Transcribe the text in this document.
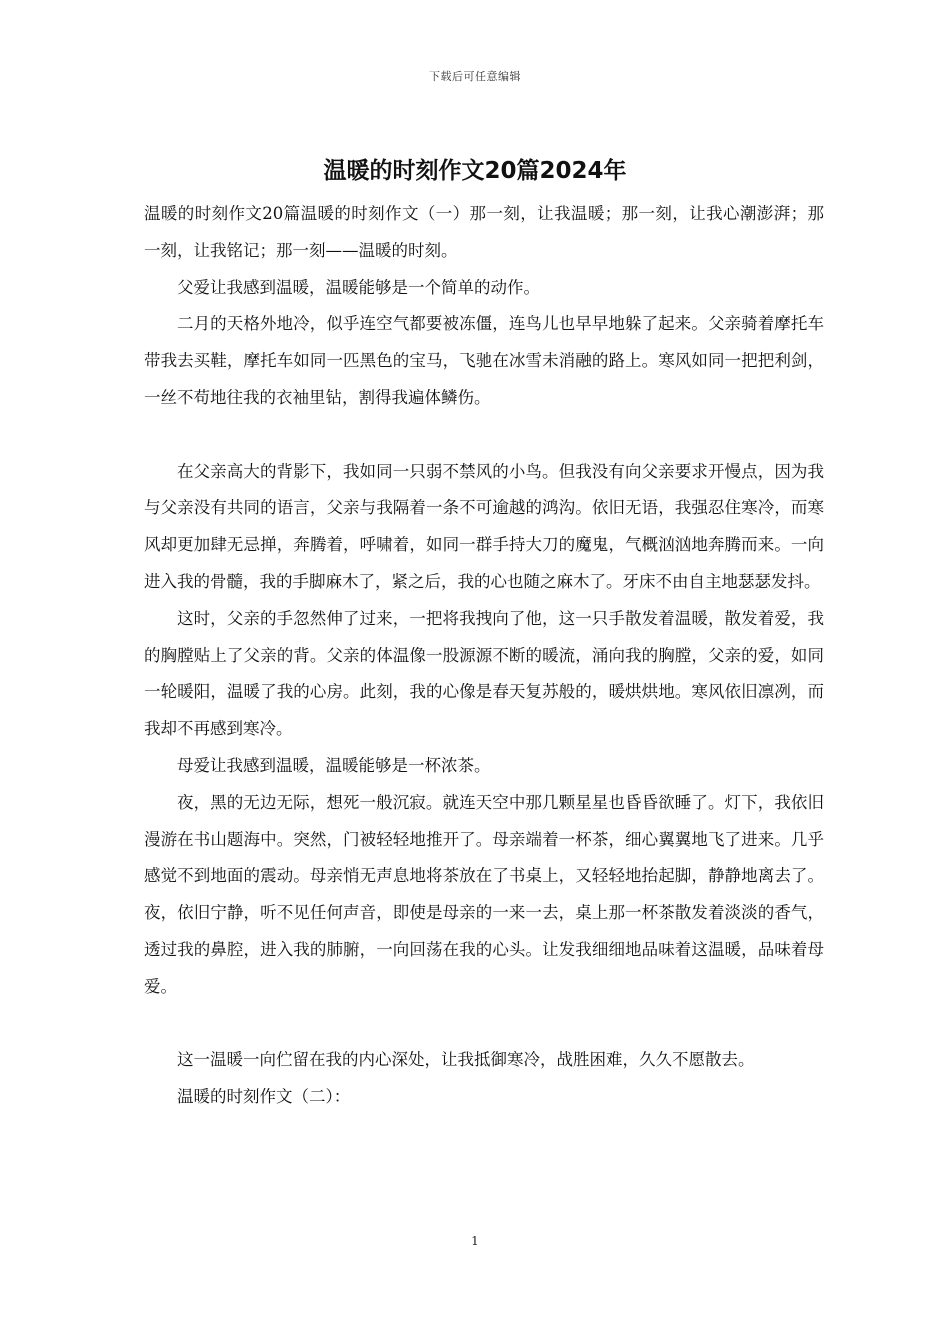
下载后可任意编辑
温暖的时刻作文20篇2024年

温暖的时刻作文20篇温暖的时刻作文（一）那一刻，让我温暖；那一刻，让我心潮澎湃；那一刻，让我铭记；那一刻——温暖的时刻。

父爱让我感到温暖，温暖能够是一个简单的动作。

二月的天格外地冷，似乎连空气都要被冻僵，连鸟儿也早早地躲了起来。父亲骑着摩托车带我去买鞋，摩托车如同一匹黑色的宝马，飞驰在冰雪未消融的路上。寒风如同一把把利剑，一丝不苟地往我的衣袖里钻，割得我遍体鳞伤。

在父亲高大的背影下，我如同一只弱不禁风的小鸟。但我没有向父亲要求开慢点，因为我与父亲没有共同的语言，父亲与我隔着一条不可逾越的鸿沟。依旧无语，我强忍住寒冷，而寒风却更加肆无忌掸，奔腾着，呼啸着，如同一群手持大刀的魔鬼，气概汹汹地奔腾而来。一向进入我的骨髓，我的手脚麻木了，紧之后，我的心也随之麻木了。牙床不由自主地瑟瑟发抖。

这时，父亲的手忽然伸了过来，一把将我拽向了他，这一只手散发着温暖，散发着爱，我的胸膛贴上了父亲的背。父亲的体温像一股源源不断的暖流，涌向我的胸膛，父亲的爱，如同一轮暖阳，温暖了我的心房。此刻，我的心像是春天复苏般的，暖烘烘地。寒风依旧凛冽，而我却不再感到寒冷。

母爱让我感到温暖，温暖能够是一杯浓茶。

夜，黑的无边无际，想死一般沉寂。就连天空中那几颗星星也昏昏欲睡了。灯下，我依旧漫游在书山题海中。突然，门被轻轻地推开了。母亲端着一杯茶，细心翼翼地飞了进来。几乎感觉不到地面的震动。母亲悄无声息地将茶放在了书桌上，又轻轻地抬起脚，静静地离去了。夜，依旧宁静，听不见任何声音，即使是母亲的一来一去，桌上那一杯茶散发着淡淡的香气，透过我的鼻腔，进入我的肺腑，一向回荡在我的心头。让发我细细地品味着这温暖，品味着母爱。

这一温暖一向伫留在我的内心深处，让我抵御寒冷，战胜困难，久久不愿散去。

温暖的时刻作文（二）：

1
